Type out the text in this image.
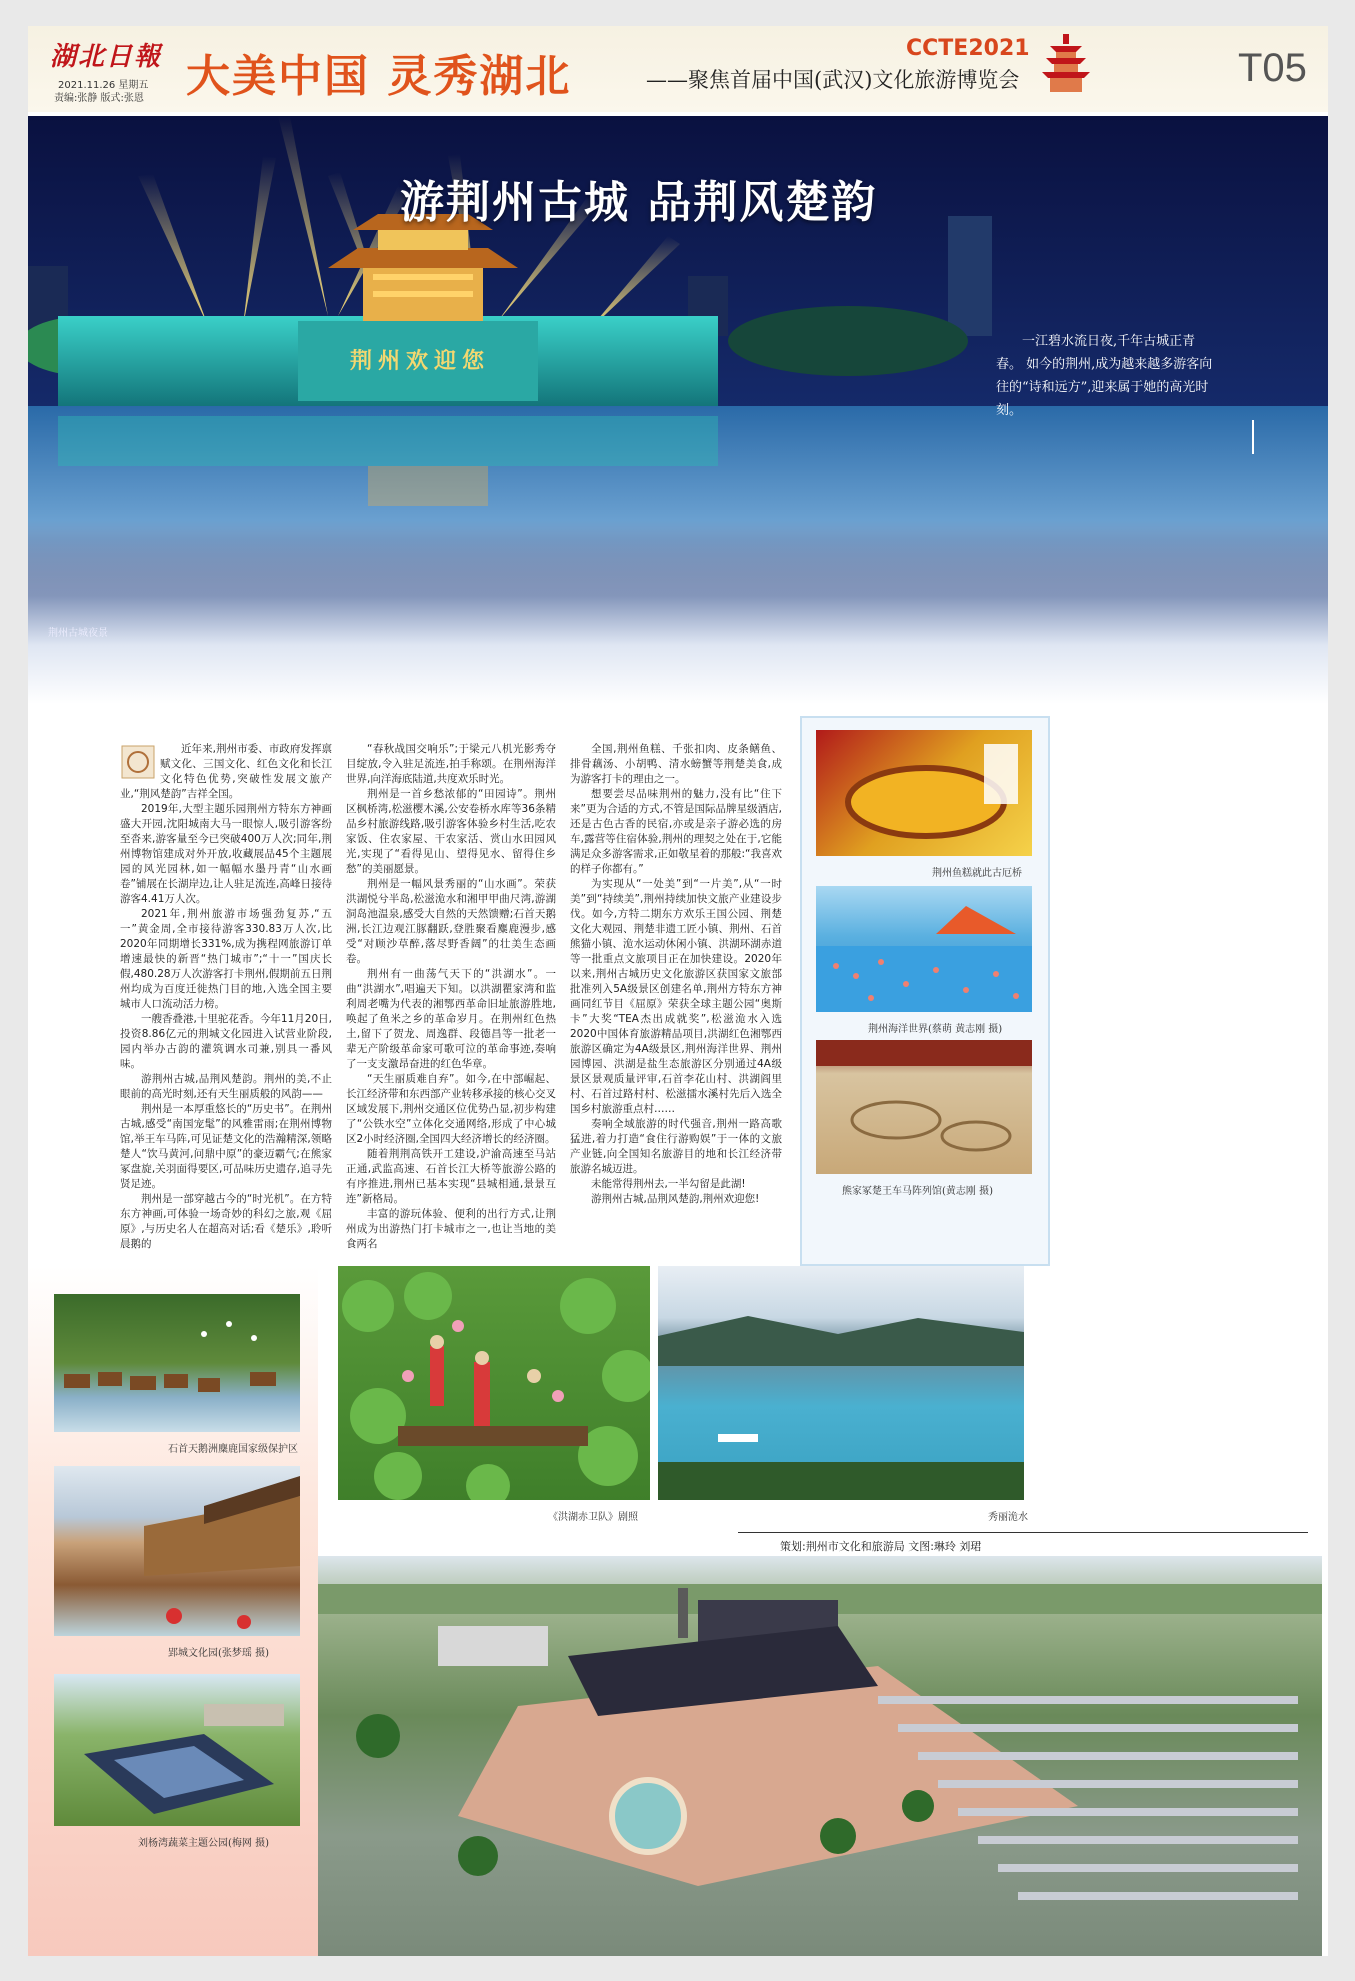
湖北日報
2021.11.26 星期五
责编:张静 版式:张恩 大美中国 灵秀湖北	——聚焦首届中国(武汉)文化旅游博览会
CCTE2021	T05
荆州欢迎您
游荆州古城 品荆风楚韵
一江碧水流日夜,千年古城正青春。 如今的荆州,成为越来越多游客向往的“诗和远方”,迎来属于她的高光时刻。
荆州古城夜景

近年来,荆州市委、市政府发挥禀赋文化、三国文化、红色文化和长江文化特色优势,突破性发展文旅产业,“荆风楚韵”吉祥全国。

2019年,大型主题乐园荆州方特东方神画盛大开园,沈阳城南大马一眼惊人,吸引游客纷至沓来,游客量至今已突破400万人次;同年,荆州博物馆建成对外开放,收藏展品45个主题展园的风光园林,如一幅幅水墨丹青“山水画卷”铺展在长湖岸边,让人驻足流连,高峰日接待游客4.41万人次。

2021年,荆州旅游市场强劲复苏,“五一”黄金周,全市接待游客330.83万人次,比2020年同期增长331%,成为携程网旅游订单增速最快的新晋“热门城市”;“十一”国庆长假,480.28万人次游客打卡荆州,假期前五日荆州均成为百度迁徙热门目的地,入选全国主要城市人口流动活力榜。

一艘香叠港,十里驼花香。今年11月20日,投资8.86亿元的荆城文化园进入试营业阶段,园内举办古韵的灌筑调水司兼,别具一番风味。

游荆州古城,品荆风楚韵。荆州的美,不止眼前的高光时刻,还有天生丽质般的风韵——

荆州是一本厚重悠长的“历史书”。在荆州古城,感受“南国宠髦”的风雅雷雨;在荆州博物馆,举王车马阵,可见证楚文化的浩瀚精深,领略楚人“饮马黄河,问鼎中原”的豪迈霸气;在熊家冢盘旋,关羽面得要区,可品味历史遗存,追寻先贤足迹。

荆州是一部穿越古今的“时光机”。在方特东方神画,可体验一场奇妙的科幻之旅,观《屈原》,与历史名人在超高对话;看《楚乐》,聆听晨鹅的

“春秋战国交响乐”;于梁元八机光影秀夺目绽放,令入驻足流连,拍手称颂。在荆州海洋世界,向洋海底陆道,共度欢乐时光。

荆州是一首乡愁浓郁的“田园诗”。荆州区枫桥湾,松滋樱木溪,公安卷桥水库等36条精品乡村旅游线路,吸引游客体验乡村生活,吃农家饭、住农家屋、干农家活、赏山水田园风光,实现了“看得见山、望得见水、留得住乡愁”的美丽愿景。

荆州是一幅风景秀丽的“山水画”。荣获洪湖悦兮半岛,松滋洈水和湘甲甲曲尺湾,游湖洞岛池温泉,感受大自然的天然馈赠;石首天鹅洲,长江边观江豚翻跃,登胜聚看麋鹿漫步,感受“对顾沙草醉,落尽野香阔”的壮美生态画卷。

荆州有一曲荡气天下的“洪湖水”。一曲“洪湖水”,唱遍天下知。以洪湖瞿家湾和监利周老嘴为代表的湘鄂西革命旧址旅游胜地,唤起了鱼米之乡的革命岁月。在荆州红色热土,留下了贺龙、周逸群、段德昌等一批老一辈无产阶级革命家可歌可泣的革命事迹,奏响了一支支激昂奋进的红色华章。

“天生丽质难自弃”。如今,在中部崛起、长江经济带和东西部产业转移承接的核心交叉区域发展下,荆州交通区位优势凸显,初步构建了“公铁水空”立体化交通网络,形成了中心城区2小时经济圈,全国四大经济增长的经济圈。

随着荆荆高铁开工建设,沪渝高速至马站正通,武监高速、石首长江大桥等旅游公路的有序推进,荆州已基本实现“县城相通,景景互连”新格局。

丰富的游玩体验、便利的出行方式,让荆州成为出游热门打卡城市之一,也让当地的美食两名

全国,荆州鱼糕、千张扣肉、皮条鳝鱼、排骨藕汤、小胡鸭、清水螃蟹等荆楚美食,成为游客打卡的理由之一。

想要尝尽品味荆州的魅力,没有比“住下来”更为合适的方式,不管是国际品牌星级酒店,还是古色古香的民宿,亦或是亲子游必选的房车,露营等住宿体验,荆州的理契之处在于,它能满足众多游客需求,正如敬星着的那般:“我喜欢的样子你都有。”

为实现从“一处美”到“一片美”,从“一时美”到“持续美”,荆州持续加快文旅产业建设步伐。如今,方特二期东方欢乐王国公园、荆楚文化大观园、荆楚非遗工匠小镇、荆州、石首熊猫小镇、洈水运动休闲小镇、洪湖环湖赤道等一批重点文旅项目正在加快建设。2020年以来,荆州古城历史文化旅游区获国家文旅部批准列入5A级景区创建名单,荆州方特东方神画同红节目《屈原》荣获全球主题公园“奥斯卡”大奖“TEA杰出成就奖”,松滋洈水入选2020中国体育旅游精品项目,洪湖红色湘鄂西旅游区确定为4A级景区,荆州海洋世界、荆州园博园、洪湖是盐生态旅游区分别通过4A级景区景观质量评审,石首李花山村、洪湖阎里村、石首过路村村、松滋擂水溪村先后入选全国乡村旅游重点村……

奏响全域旅游的时代强音,荆州一路高歌猛进,着力打造“食住行游购娱”于一体的文旅产业链,向全国知名旅游目的地和长江经济带旅游名城迈进。

未能常得荆州去,一半勾留是此湖!

游荆州古城,品荆风楚韵,荆州欢迎您!

荆州鱼糕就此古厄桥
荆州海洋世界(蔡萌 黄志刚 摄)
熊家冢楚王车马阵列馆(黄志刚 摄)
石首天鹅洲麋鹿国家级保护区
郢城文化园(张梦瑶 摄)
刘杨湾蔬菜主题公园(梅网 摄)
《洪湖赤卫队》剧照	秀丽洈水
策划:荆州市文化和旅游局 文图:琳玲 刘珺
